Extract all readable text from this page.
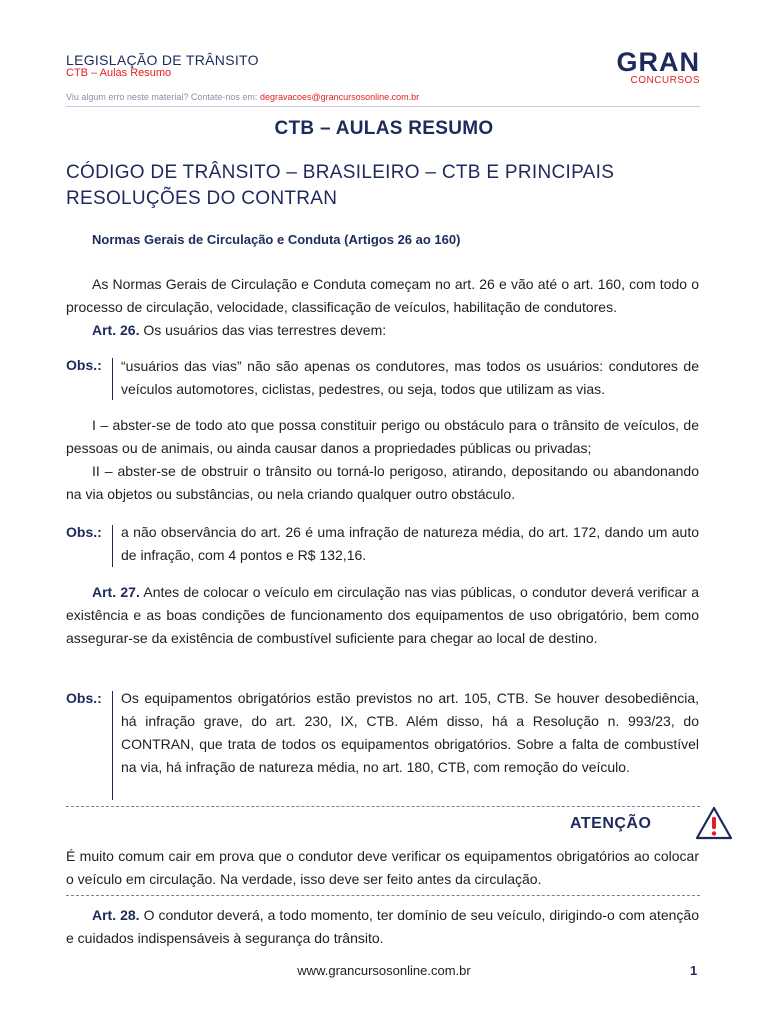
LEGISLAÇÃO DE TRÂNSITO
CTB – Aulas Resumo	GRAN
CONCURSOS
Viu algum erro neste material? Contate-nos em: degravacoes@grancursosonline.com.br
CTB – AULAS RESUMO
CÓDIGO DE TRÂNSITO – BRASILEIRO – CTB E PRINCIPAIS RESOLUÇÕES DO CONTRAN
Normas Gerais de Circulação e Conduta (Artigos 26 ao 160)
As Normas Gerais de Circulação e Conduta começam no art. 26 e vão até o art. 160, com todo o processo de circulação, velocidade, classificação de veículos, habilitação de condutores.
Art. 26. Os usuários das vias terrestres devem:
Obs.: “usuários das vias” não são apenas os condutores, mas todos os usuários: condutores de veículos automotores, ciclistas, pedestres, ou seja, todos que utilizam as vias.
I – abster-se de todo ato que possa constituir perigo ou obstáculo para o trânsito de veículos, de pessoas ou de animais, ou ainda causar danos a propriedades públicas ou privadas;
II – abster-se de obstruir o trânsito ou torná-lo perigoso, atirando, depositando ou abandonando na via objetos ou substâncias, ou nela criando qualquer outro obstáculo.
Obs.: a não observância do art. 26 é uma infração de natureza média, do art. 172, dando um auto de infração, com 4 pontos e R$ 132,16.
Art. 27. Antes de colocar o veículo em circulação nas vias públicas, o condutor deverá verificar a existência e as boas condições de funcionamento dos equipamentos de uso obrigatório, bem como assegurar-se da existência de combustível suficiente para chegar ao local de destino.
Obs.: Os equipamentos obrigatórios estão previstos no art. 105, CTB. Se houver desobediência, há infração grave, do art. 230, IX, CTB. Além disso, há a Resolução n. 993/23, do CONTRAN, que trata de todos os equipamentos obrigatórios. Sobre a falta de combustível na via, há infração de natureza média, no art. 180, CTB, com remoção do veículo.
ATENÇÃO
É muito comum cair em prova que o condutor deve verificar os equipamentos obrigatórios ao colocar o veículo em circulação. Na verdade, isso deve ser feito antes da circulação.
Art. 28. O condutor deverá, a todo momento, ter domínio de seu veículo, dirigindo-o com atenção e cuidados indispensáveis à segurança do trânsito.
www.grancursosonline.com.br	1
